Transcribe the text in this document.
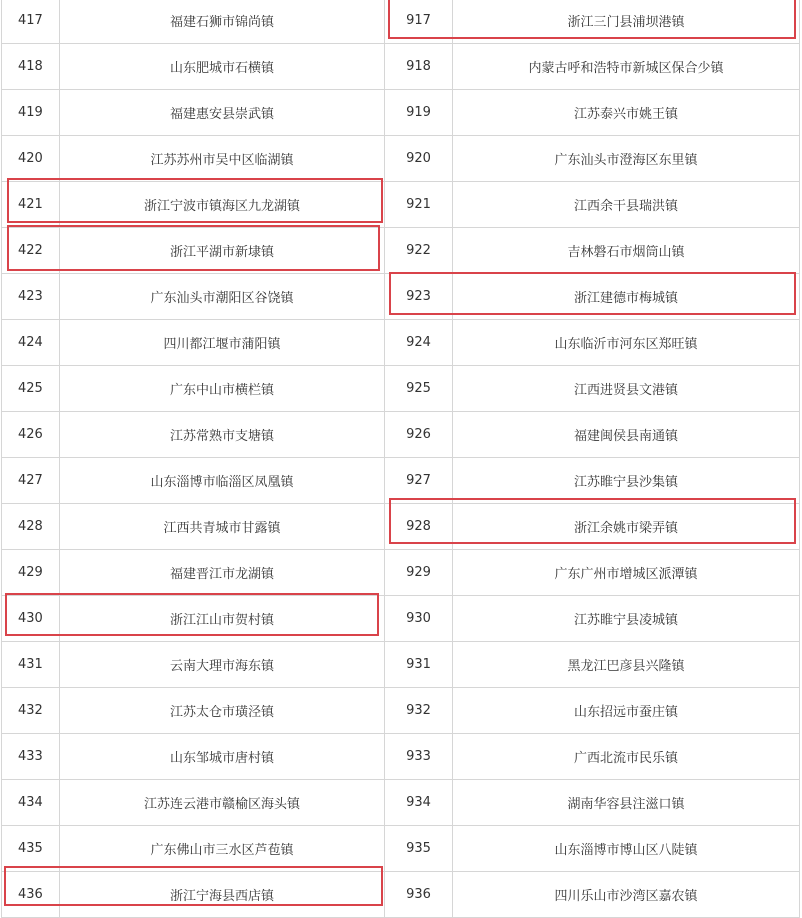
417	福建石狮市锦尚镇	917	浙江三门县浦坝港镇
418	山东肥城市石横镇	918	内蒙古呼和浩特市新城区保合少镇
419	福建惠安县崇武镇	919	江苏泰兴市姚王镇
420	江苏苏州市吴中区临湖镇	920	广东汕头市澄海区东里镇
421	浙江宁波市镇海区九龙湖镇	921	江西余干县瑞洪镇
422	浙江平湖市新埭镇	922	吉林磐石市烟筒山镇
423	广东汕头市潮阳区谷饶镇	923	浙江建德市梅城镇
424	四川都江堰市蒲阳镇	924	山东临沂市河东区郑旺镇
425	广东中山市横栏镇	925	江西进贤县文港镇
426	江苏常熟市支塘镇	926	福建闽侯县南通镇
427	山东淄博市临淄区凤凰镇	927	江苏睢宁县沙集镇
428	江西共青城市甘露镇	928	浙江余姚市梁弄镇
429	福建晋江市龙湖镇	929	广东广州市增城区派潭镇
430	浙江江山市贺村镇	930	江苏睢宁县凌城镇
431	云南大理市海东镇	931	黑龙江巴彦县兴隆镇
432	江苏太仓市璜泾镇	932	山东招远市蚕庄镇
433	山东邹城市唐村镇	933	广西北流市民乐镇
434	江苏连云港市赣榆区海头镇	934	湖南华容县注滋口镇
435	广东佛山市三水区芦苞镇	935	山东淄博市博山区八陡镇
436	浙江宁海县西店镇	936	四川乐山市沙湾区嘉农镇
